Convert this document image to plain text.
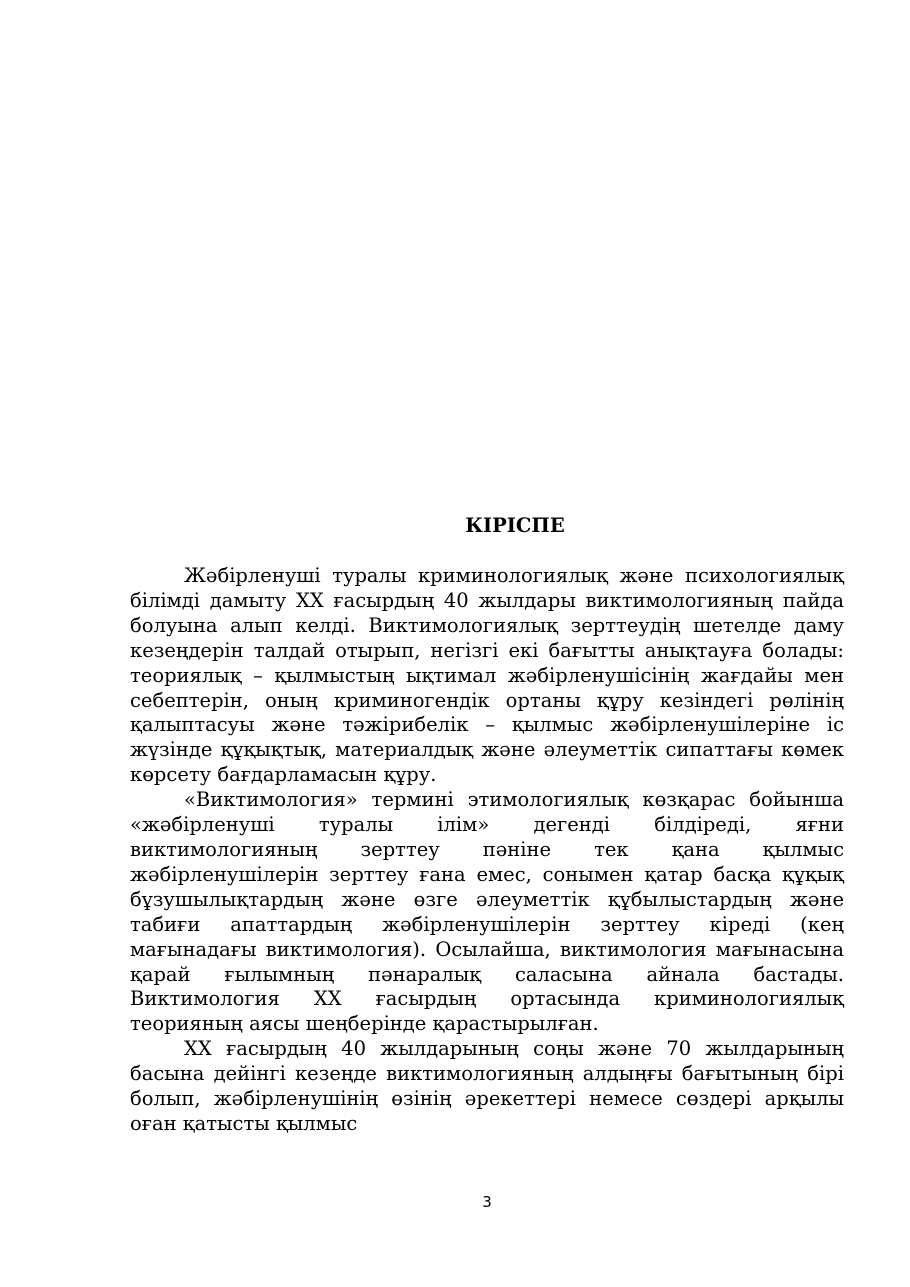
КІРІСПЕ

Жәбірленуші туралы криминологиялық және психологиялық білімді дамыту ХХ ғасырдың 40 жылдары виктимологияның пайда болуына алып келді. Виктимологиялық зерттеудің шетелде даму кезеңдерін талдай отырып, негізгі екі бағытты анықтауға болады: теориялық – қылмыстың ықтимал жәбірленушісінің жағдайы мен себептерін, оның криминогендік ортаны құру кезіндегі рөлінің қалыптасуы және тәжірибелік – қылмыс жәбірленушілеріне іс жүзінде құқықтық, материалдық және әлеуметтік сипаттағы көмек көрсету бағдарламасын құру.

«Виктимология» термині этимологиялық көзқарас бойынша «жәбірленуші туралы ілім» дегенді білдіреді, яғни виктимологияның зерттеу пәніне тек қана қылмыс жәбірленушілерін зерттеу ғана емес, сонымен қатар басқа құқық бұзушылықтардың және өзге әлеуметтік құбылыстардың және табиғи апаттардың жәбірленушілерін зерттеу кіреді (кең мағынадағы виктимология). Осылайша, виктимология мағынасына қарай ғылымның пәнаралық саласына айнала бастады. Виктимология ХХ ғасырдың ортасында криминологиялық теорияның аясы шеңберінде қарастырылған.

ХХ ғасырдың 40 жылдарының соңы және 70 жылдарының басына дейінгі кезеңде виктимологияның алдыңғы бағытының бірі болып, жәбірленушінің өзінің әрекеттері немесе сөздері арқылы оған қатысты қылмыс

3
